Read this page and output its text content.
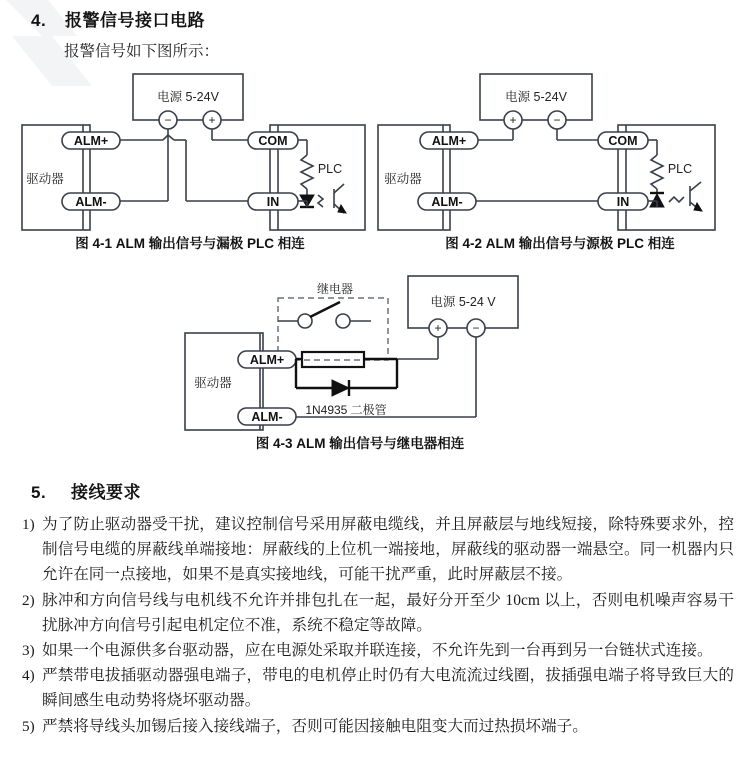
4. 报警信号接口电路
报警信号如下图所示：
电源 5-24V
−	+
驱动器
PLC
ALM+
ALM-
COM
IN
图 4-1 ALM 输出信号与漏极 PLC 相连
电源 5-24V
+	−
驱动器
PLC
ALM+
ALM-
COM
IN
图 4-2 ALM 输出信号与源极 PLC 相连
继电器
电源 5-24 V
+	−
驱动器
ALM+
ALM- 1N4935 二极管
图 4-3 ALM 输出信号与继电器相连
5. 接线要求
1) 为了防止驱动器受干扰，建议控制信号采用屏蔽电缆线，并且屏蔽层与地线短接，除特殊要求外，控制信号电缆的屏蔽线单端接地：屏蔽线的上位机一端接地，屏蔽线的驱动器一端悬空。同一机器内只允许在同一点接地，如果不是真实接地线，可能干扰严重，此时屏蔽层不接。
2) 脉冲和方向信号线与电机线不允许并排包扎在一起，最好分开至少 10cm 以上，否则电机噪声容易干扰脉冲方向信号引起电机定位不准，系统不稳定等故障。
3) 如果一个电源供多台驱动器，应在电源处采取并联连接，不允许先到一台再到另一台链状式连接。
4) 严禁带电拔插驱动器强电端子，带电的电机停止时仍有大电流流过线圈，拔插强电端子将导致巨大的瞬间感生电动势将烧坏驱动器。
5) 严禁将导线头加锡后接入接线端子，否则可能因接触电阻变大而过热损坏端子。
